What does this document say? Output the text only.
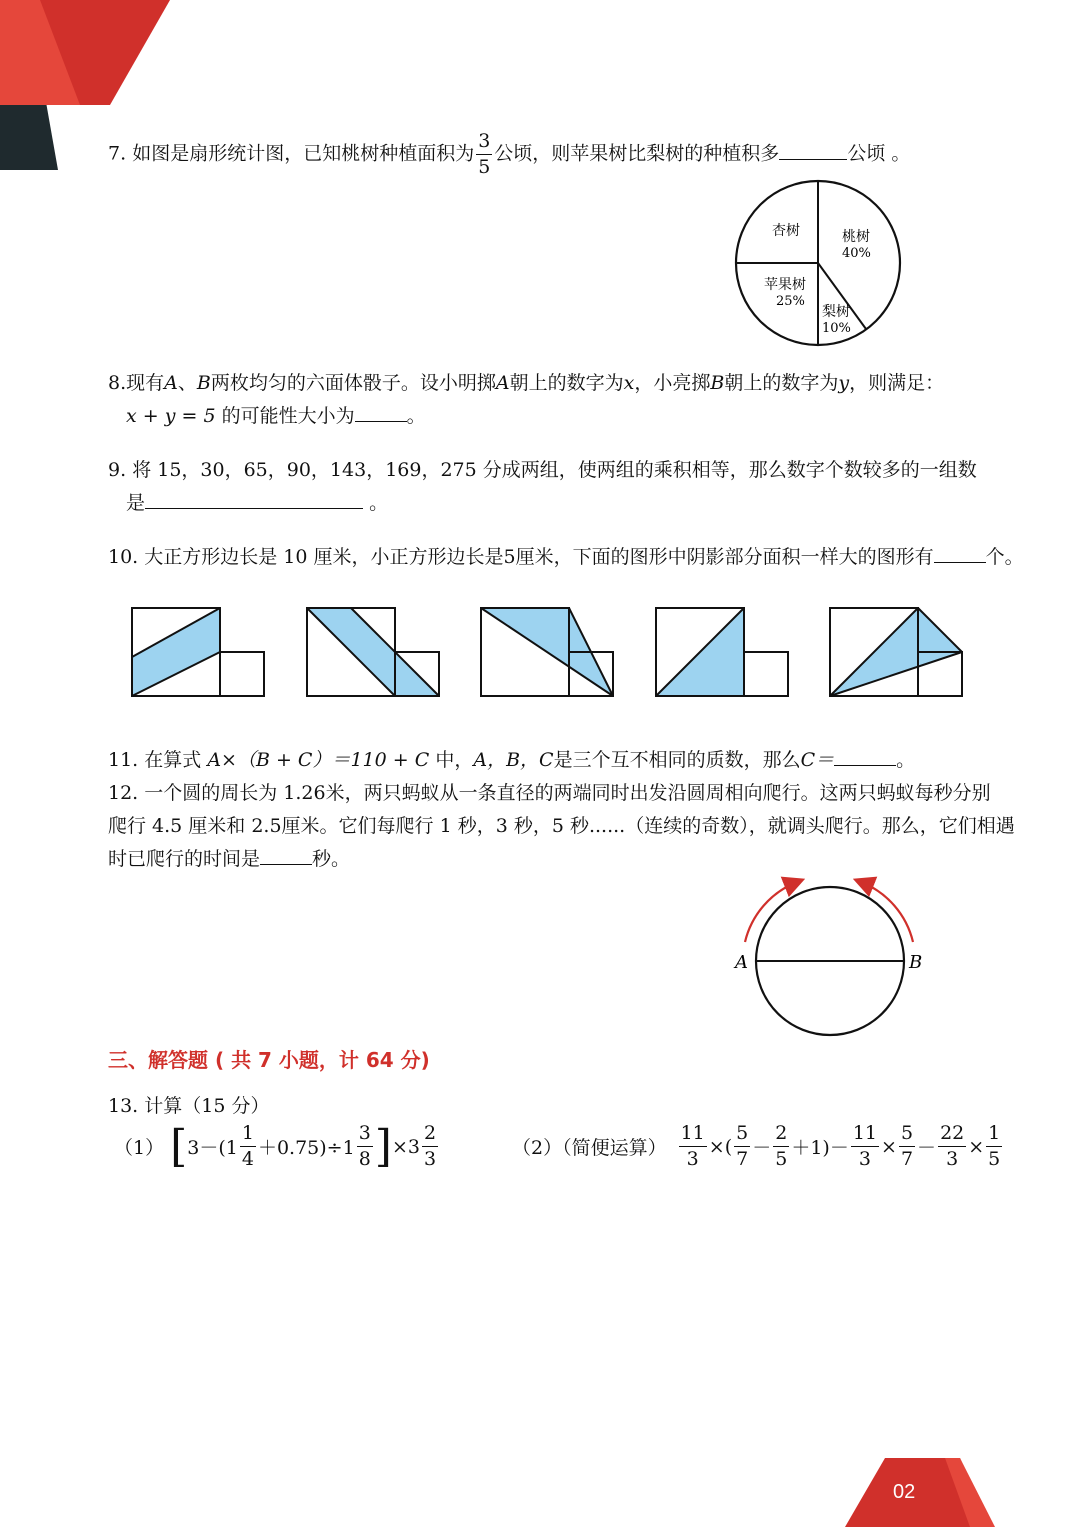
7. 如图是扇形统计图，已知桃树种植面积为 $\frac{3}{5}$ 公顷，则苹果树比梨树的种植积多	公顷 。
杏树	桃树
40%
苹果树
25%
梨树
10%
8.现有A、B两枚均匀的六面体骰子。设小明掷A朝上的数字为x，小亮掷B朝上的数字为y，则满足：
x + y = 5 的可能性大小为	。
9. 将 15，30，65，90，143，169，275 分成两组，使两组的乘积相等，那么数字个数较多的一组数
是	。
10. 大正方形边长是 10 厘米，小正方形边长是5厘米，下面的图形中阴影部分面积一样大的图形有	个。
11. 在算式 A×（B + C）＝110 + C 中，A，B，C是三个互不相同的质数，那么C＝	。
12. 一个圆的周长为 1.26米，两只蚂蚁从一条直径的两端同时出发沿圆周相向爬行。这两只蚂蚁每秒分别
爬行 4.5 厘米和 2.5厘米。它们每爬行 1 秒，3 秒，5 秒......（连续的奇数），就调头爬行。那么，它们相遇
时已爬行的时间是	秒。
A	B
三、解答题 ( 共 7 小题，计 64 分)
13. 计算（15 分）
（1） [ $3-(1 \frac{1}{4} +0.75)\div 1 \frac{3}{8}$ ] $\times 3 \frac{2}{3}$	（2）（简便运算） $\frac{11}{3}$ ×( $\frac{5}{7} - \frac{2}{5} +1)- \frac{11}{3} \times \frac{5}{7} - \frac{22}{3} \times \frac{1}{5}$
02
